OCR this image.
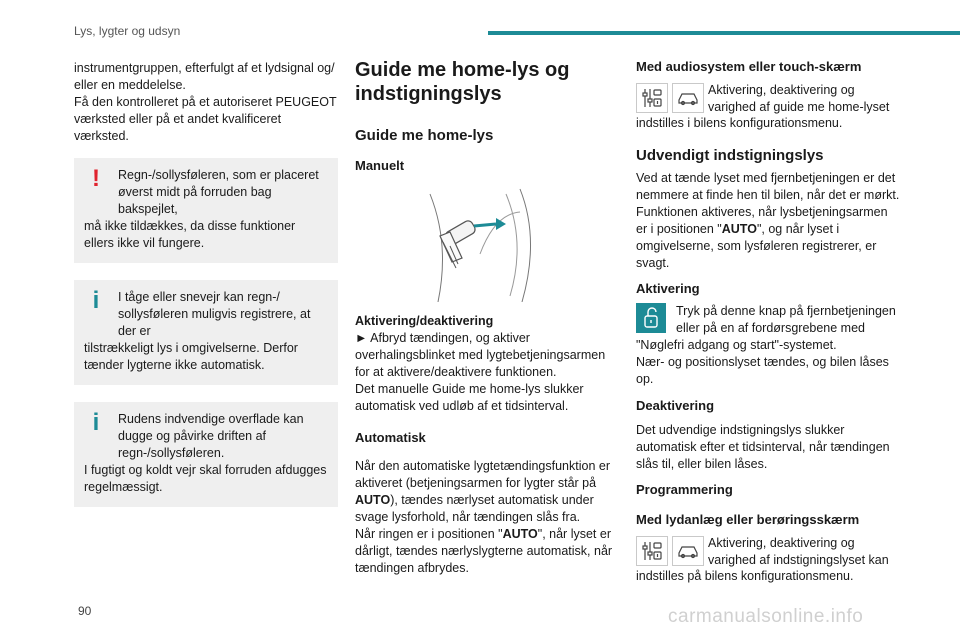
Lys, lygter og udsyn

instrumentgruppen, efterfulgt af et lydsignal og/ eller en meddelelse.

Få den kontrolleret på et autoriseret PEUGEOT værksted eller på et andet kvalificeret værksted.

!	Regn-/sollysføleren, som er placeret øverst midt på forruden bag bakspejlet,

må ikke tildækkes, da disse funktioner ellers ikke vil fungere.

i	I tåge eller snevejr kan regn-/ sollysføleren muligvis registrere, at der er

tilstrækkeligt lys i omgivelserne. Derfor tænder lygterne ikke automatisk.

i	Rudens indvendige overflade kan dugge og påvirke driften af regn-/sollysføleren.

I fugtigt og koldt vejr skal forruden afdugges regelmæssigt.

Guide me home-lys og indstigningslys
Guide me home-lys
Manuelt
Aktivering/deaktivering

► Afbryd tændingen, og aktiver overhalingsblinket med lygtebetjeningsarmen for at aktivere/deaktivere funktionen.

Det manuelle Guide me home-lys slukker automatisk ved udløb af et tidsinterval.

Automatisk

Når den automatiske lygtetændingsfunktion er aktiveret (betjeningsarmen for lygter står på AUTO), tændes nærlyset automatisk under svage lysforhold, når tændingen slås fra.

Når ringen er i positionen "AUTO", når lyset er dårligt, tændes nærlyslygterne automatisk, når tændingen afbrydes.

Med audiosystem eller touch-skærm

Aktivering, deaktivering og varighed af guide me home-lyset

indstilles i bilens konfigurationsmenu.

Udvendigt indstigningslys

Ved at tænde lyset med fjernbetjeningen er det nemmere at finde hen til bilen, når det er mørkt. Funktionen aktiveres, når lysbetjeningsarmen er i positionen "AUTO", og når lyset i omgivelserne, som lysføleren registrerer, er svagt.

Aktivering

Tryk på denne knap på fjernbetjeningen eller på en af fordørsgrebene med

"Nøglefri adgang og start"-systemet.

Nær- og positionslyset tændes, og bilen låses op.

Deaktivering

Det udvendige indstigningslys slukker automatisk efter et tidsinterval, når tændingen slås til, eller bilen låses.

Programmering
Med lydanlæg eller berøringsskærm

Aktivering, deaktivering og varighed af indstigningslyset kan

indstilles på bilens konfigurationsmenu.

90	carmanualsonline.info
